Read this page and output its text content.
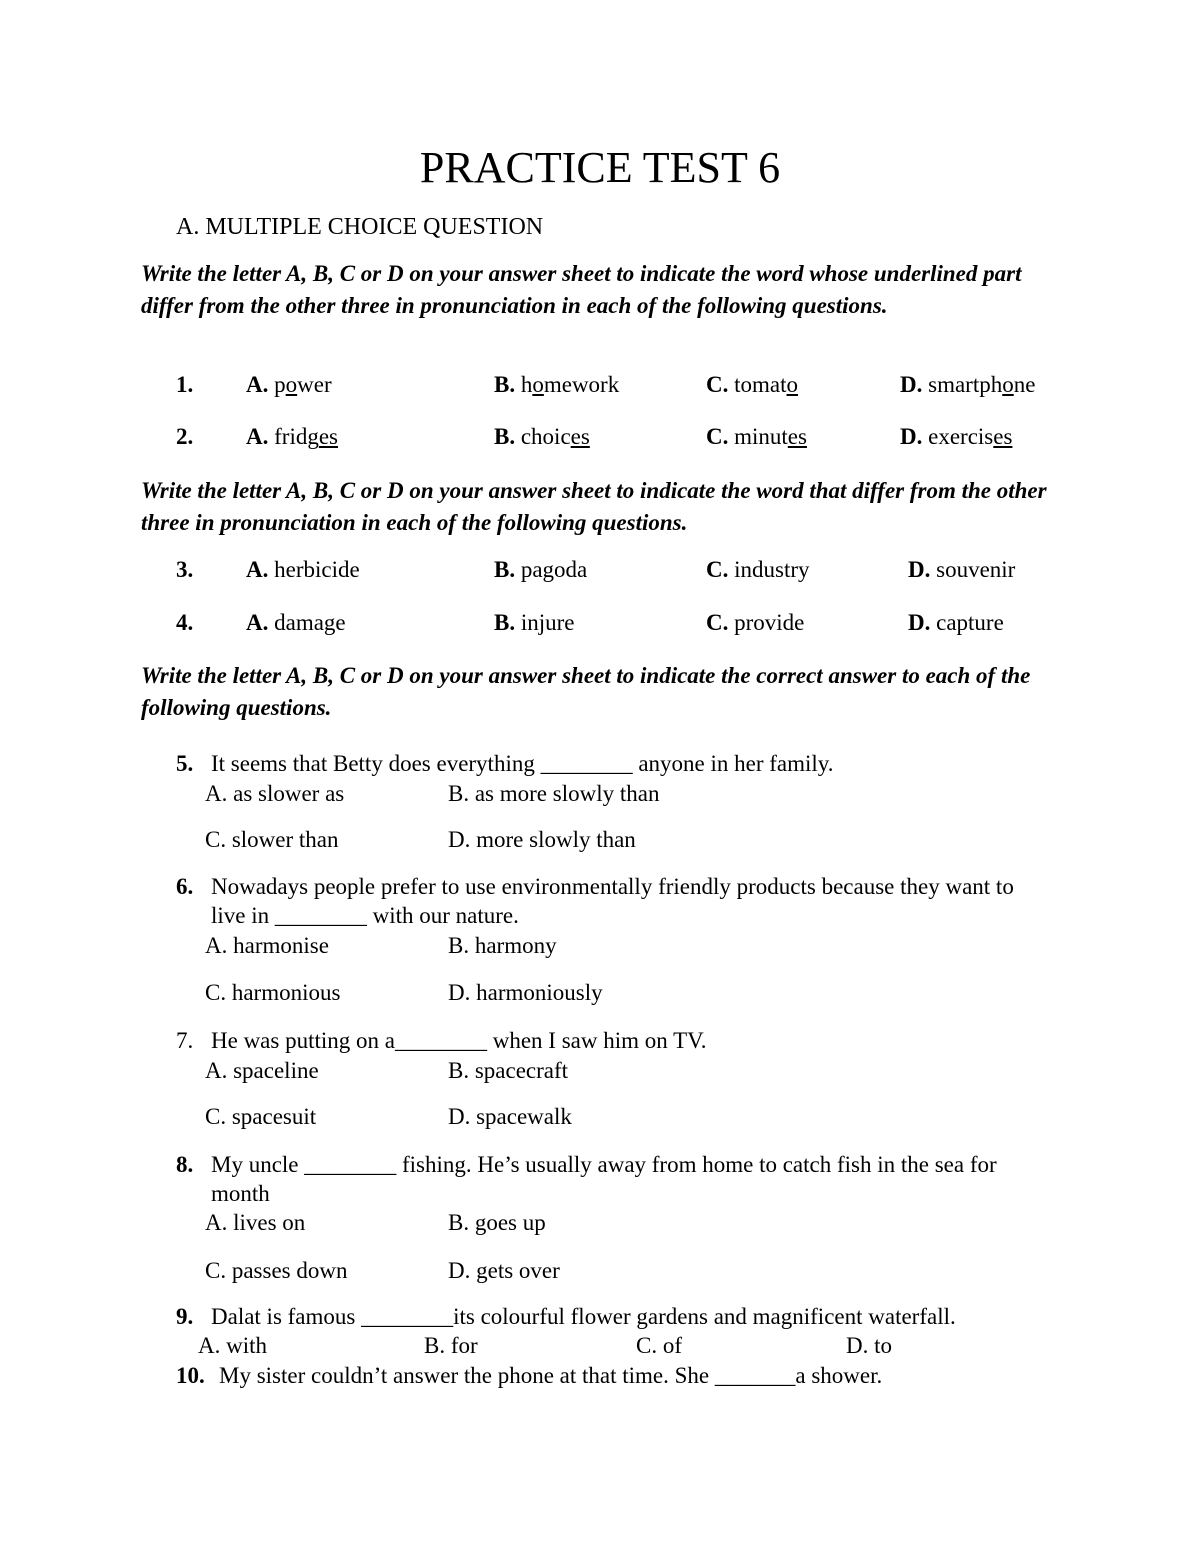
PRACTICE TEST 6
A. MULTIPLE CHOICE QUESTION
Write the letter A, B, C or D on your answer sheet to indicate the word whose underlined part differ from the other three in pronunciation in each of the following questions.
1. A. power	B. homework	C. tomato	D. smartphone
2. A. fridges	B. choices	C. minutes	D. exercises
Write the letter A, B, C or D on your answer sheet to indicate the word that differ from the other three in pronunciation in each of the following questions.
3. A. herbicide	B. pagoda	C. industry	D. souvenir
4. A. damage	B. injure	C. provide	D. capture
Write the letter A, B, C or D on your answer sheet to indicate the correct answer to each of the following questions.
5. It seems that Betty does everything ________ anyone in her family.
A. as slower as	B. as more slowly than
C. slower than	D. more slowly than
6. Nowadays people prefer to use environmentally friendly products because they want to live in ________ with our nature.
A. harmonise	B. harmony
C. harmonious	D. harmoniously
7. He was putting on a________ when I saw him on TV.
A. spaceline	B. spacecraft
C. spacesuit	D. spacewalk
8. My uncle ________ fishing. He’s usually away from home to catch fish in the sea for month
A. lives on	B. goes up
C. passes down	D. gets over
9. Dalat is famous ________its colourful flower gardens and magnificent waterfall.
A. with	B. for	C. of	D. to
10. My sister couldn’t answer the phone at that time. She _______a shower.
